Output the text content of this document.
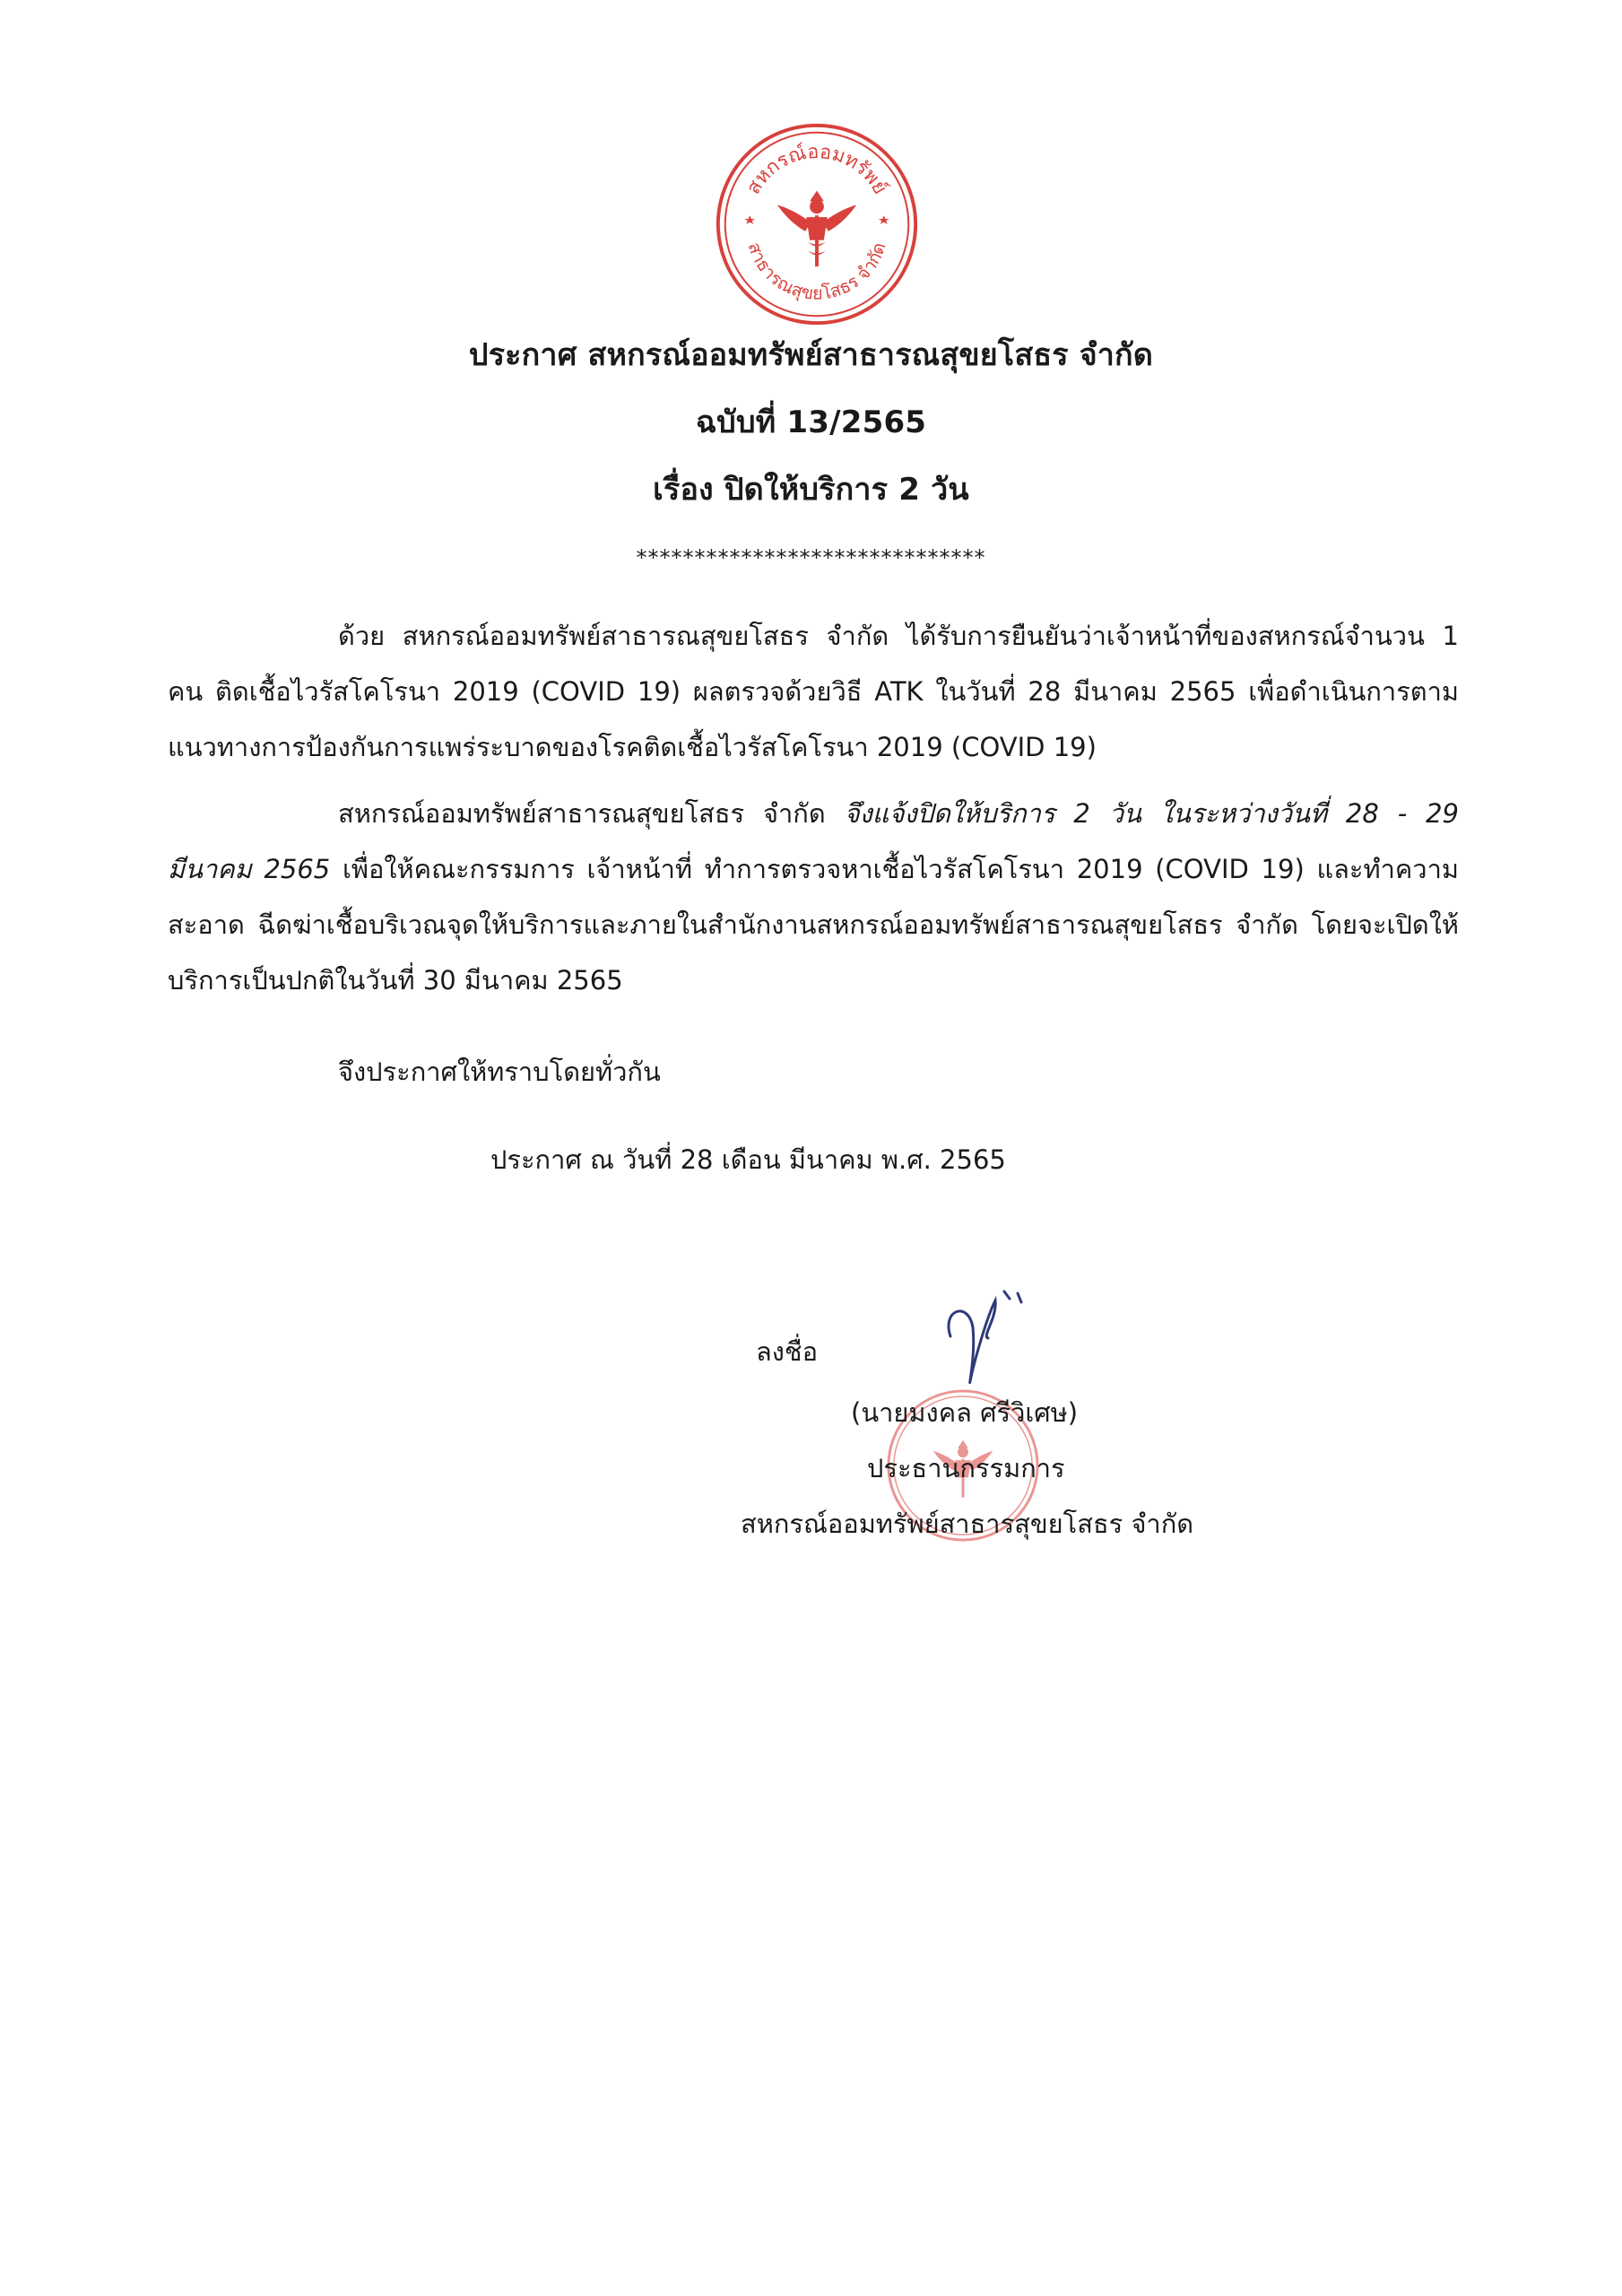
สหกรณ์ออมทรัพย์
สาธารณสุขยโสธร จำกัด
ประกาศ สหกรณ์ออมทรัพย์สาธารณสุขยโสธร จำกัด
ฉบับที่ 13/2565
เรื่อง ปิดให้บริการ 2 วัน
******************************
ด้วย สหกรณ์ออมทรัพย์สาธารณสุขยโสธร จำกัด ได้รับการยืนยันว่าเจ้าหน้าที่ของสหกรณ์จำนวน 1 คน ติดเชื้อไวรัสโคโรนา 2019 (COVID 19) ผลตรวจด้วยวิธี ATK ในวันที่ 28 มีนาคม 2565 เพื่อดำเนินการตามแนวทางการป้องกันการแพร่ระบาดของโรคติดเชื้อไวรัสโคโรนา 2019 (COVID 19)
สหกรณ์ออมทรัพย์สาธารณสุขยโสธร จำกัด จึงแจ้งปิดให้บริการ 2 วัน ในระหว่างวันที่ 28 - 29 มีนาคม 2565 เพื่อให้คณะกรรมการ เจ้าหน้าที่ ทำการตรวจหาเชื้อไวรัสโคโรนา 2019 (COVID 19) และทำความสะอาด ฉีดฆ่าเชื้อบริเวณจุดให้บริการและภายในสำนักงานสหกรณ์ออมทรัพย์สาธารณสุขยโสธร จำกัด โดยจะเปิดให้บริการเป็นปกติในวันที่ 30 มีนาคม 2565
จึงประกาศให้ทราบโดยทั่วกัน
ประกาศ ณ วันที่ 28 เดือน มีนาคม พ.ศ. 2565
ลงชื่อ
(นายมงคล ศรีวิเศษ)
ประธานกรรมการ
สหกรณ์ออมทรัพย์สาธารสุขยโสธร จำกัด
